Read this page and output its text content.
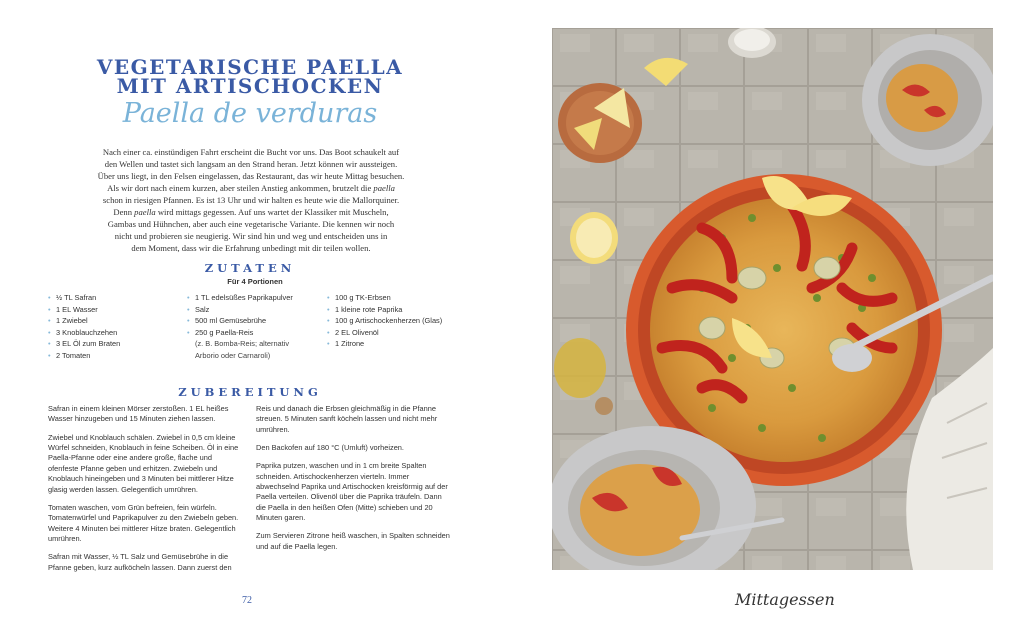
VEGETARISCHE PAELLA
MIT ARTISCHOCKEN
Paella de verduras

Nach einer ca. einstündigen Fahrt erscheint die Bucht vor uns. Das Boot schaukelt auf
den Wellen und tastet sich langsam an den Strand heran. Jetzt können wir aussteigen.
Über uns liegt, in den Felsen eingelassen, das Restaurant, das wir heute Mittag besuchen.
Als wir dort nach einem kurzen, aber steilen Anstieg ankommen, brutzelt die paella
schon in riesigen Pfannen. Es ist 13 Uhr und wir halten es heute wie die Mallorquiner.
Denn paella wird mittags gegessen. Auf uns wartet der Klassiker mit Muscheln,
Gambas und Hühnchen, aber auch eine vegetarische Variante. Die kennen wir noch
nicht und probieren sie neugierig. Wir sind hin und weg und entscheiden uns in
dem Moment, dass wir die Erfahrung unbedingt mit dir teilen wollen.

ZUTATEN
Für 4 Portionen
• ½ TL Safran
• 1 EL Wasser
• 1 Zwiebel
• 3 Knoblauchzehen
• 3 EL Öl zum Braten
• 2 Tomaten
• 1 TL edelsüßes Paprikapulver
• Salz
• 500 ml Gemüsebrühe
• 250 g Paella-Reis
(z. B. Bomba-Reis; alternativ
Arborio oder Carnaroli)
• 100 g TK-Erbsen
• 1 kleine rote Paprika
• 100 g Artischockenherzen (Glas)
• 2 EL Olivenöl
• 1 Zitrone
ZUBEREITUNG

Safran in einem kleinen Mörser zerstoßen. 1 EL heißes Wasser hinzugeben und 15 Minuten ziehen lassen.

Zwiebel und Knoblauch schälen. Zwiebel in 0,5 cm kleine Würfel schneiden, Knoblauch in feine Scheiben. Öl in eine Paella-Pfanne oder eine andere große, flache und ofenfeste Pfanne geben und erhitzen. Zwiebeln und Knoblauch hineingeben und 3 Minuten bei mittlerer Hitze glasig werden lassen. Gelegentlich umrühren.

Tomaten waschen, vom Grün befreien, fein würfeln. Tomatenwürfel und Paprikapulver zu den Zwiebeln geben. Weitere 4 Minuten bei mittlerer Hitze braten. Gelegentlich umrühren.

Safran mit Wasser, ½ TL Salz und Gemüsebrühe in die Pfanne geben, kurz aufköcheln lassen. Dann zuerst den

Reis und danach die Erbsen gleichmäßig in die Pfanne streuen. 5 Minuten sanft köcheln lassen und nicht mehr umrühren.

Den Backofen auf 180 °C (Umluft) vorheizen.

Paprika putzen, waschen und in 1 cm breite Spalten schneiden. Artischockenherzen vierteln. Immer abwechselnd Paprika und Artischocken kreisförmig auf der Paella verteilen. Olivenöl über die Paprika träufeln. Dann die Paella in den heißen Ofen (Mitte) schieben und 20 Minuten garen.

Zum Servieren Zitrone heiß waschen, in Spalten schneiden und auf die Paella legen.

72	Mittagessen
